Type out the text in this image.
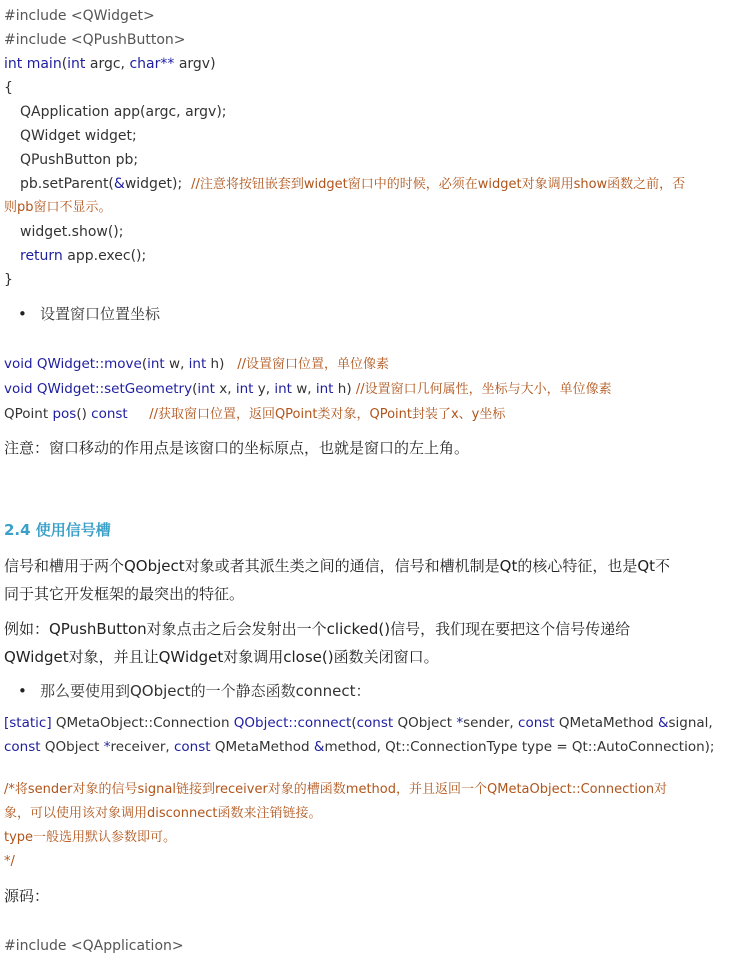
#include <QWidget>
#include <QPushButton>
int main(int argc, char** argv)
{
QApplication app(argc, argv);
QWidget widget;
QPushButton pb;
pb.setParent(&widget);  //注意将按钮嵌套到widget窗口中的时候，必须在widget对象调用show函数之前，否
则pb窗口不显示。
widget.show();
return app.exec();
}
• 设置窗口位置坐标
void QWidget::move(int w, int h)   //设置窗口位置，单位像素
void QWidget::setGeometry(int x, int y, int w, int h) //设置窗口几何属性，坐标与大小，单位像素
QPoint pos() const //获取窗口位置，返回QPoint类对象，QPoint封装了x、y坐标
注意：窗口移动的作用点是该窗口的坐标原点，也就是窗口的左上角。
2.4 使用信号槽
信号和槽用于两个QObject对象或者其派生类之间的通信，信号和槽机制是Qt的核心特征，也是Qt不
同于其它开发框架的最突出的特征。
例如：QPushButton对象点击之后会发射出一个clicked()信号，我们现在要把这个信号传递给
QWidget对象，并且让QWidget对象调用close()函数关闭窗口。
• 那么要使用到QObject的一个静态函数connect：
[static] QMetaObject::Connection QObject::connect(const QObject *sender, const QMetaMethod &signal,
const QObject *receiver, const QMetaMethod &method, Qt::ConnectionType type = Qt::AutoConnection);
/*将sender对象的信号signal链接到receiver对象的槽函数method，并且返回一个QMetaObject::Connection对
象，可以使用该对象调用disconnect函数来注销链接。
type一般选用默认参数即可。
*/
源码：
#include <QApplication>
